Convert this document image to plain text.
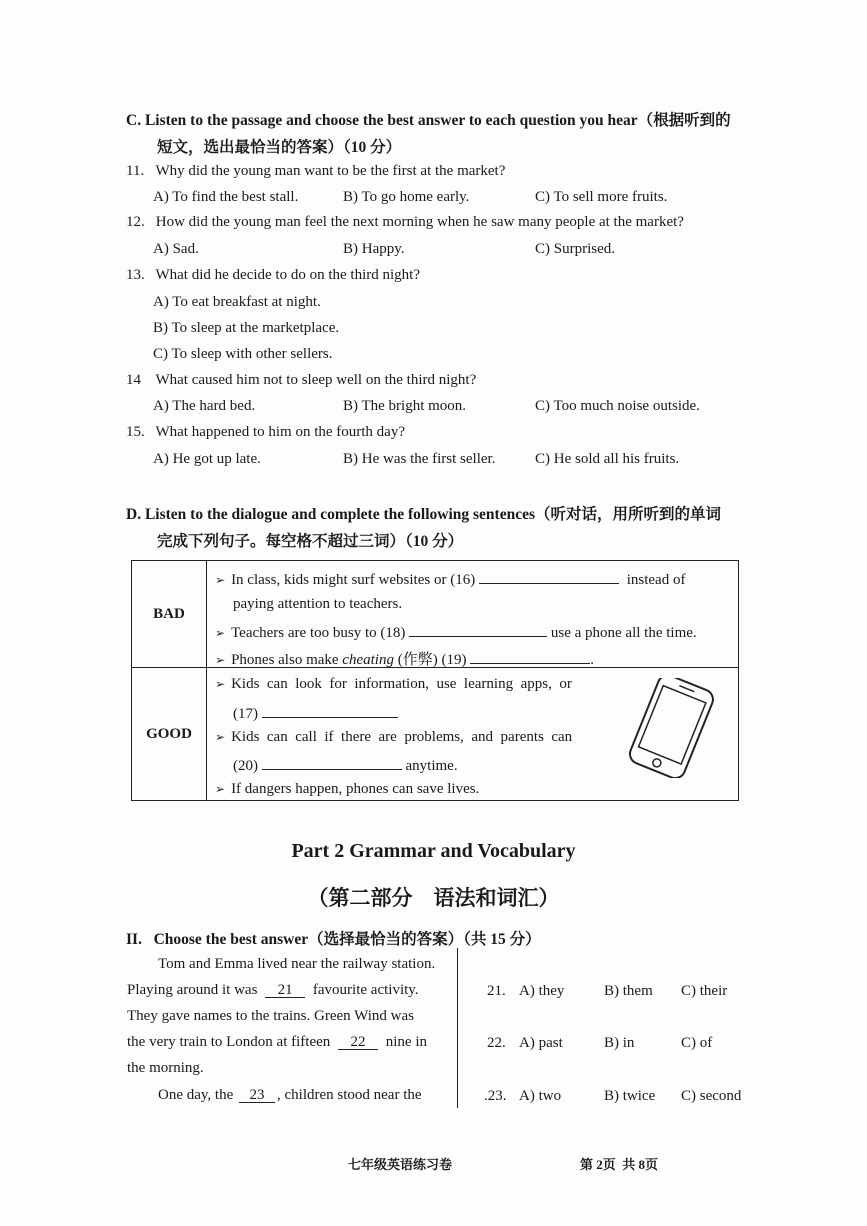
C. Listen to the passage and choose the best answer to each question you hear（根据听到的
短文，选出最恰当的答案）（10 分）
11. Why did the young man want to be the first at the market?
A) To find the best stall.	B) To go home early.	C) To sell more fruits.
12. How did the young man feel the next morning when he saw many people at the market?
A) Sad.	B) Happy.	C) Surprised.
13. What did he decide to do on the third night?
A) To eat breakfast at night.
B) To sleep at the marketplace.
C) To sleep with other sellers.
14 What caused him not to sleep well on the third night?
A) The hard bed.	B) The bright moon.	C) Too much noise outside.
15. What happened to him on the fourth day?
A) He got up late.	B) He was the first seller.	C) He sold all his fruits.
D. Listen to the dialogue and complete the following sentences（听对话，用所听到的单词
完成下列句子。每空格不超过三词）（10 分）
BAD	➢ In class, kids might surf websites or (16) instead of
paying attention to teachers.
➢ Teachers are too busy to (18) use a phone all the time.
➢ Phones also make cheating (作弊) (19) .

GOOD	➢ Kids  can  look  for  information,  use  learning  apps,  or
(17)
➢ Kids  can  call  if  there  are  problems,  and  parents  can
(20) anytime.
➢ If dangers happen, phones can save lives.
Part 2 Grammar and Vocabulary
（第二部分    语法和词汇）
II.   Choose the best answer（选择最恰当的答案）（共 15 分）
Tom and Emma lived near the railway station.
Playing around it was 21 favourite activity.
They gave names to the trains. Green Wind was
the very train to London at fifteen 22 nine in
the morning.
One day, the 23 , children stood near the
21. A) they	B) them C) their
22. A) past	B) in	C) of
.23. A) two	B) twice C) second
七年级英语练习卷	第 2页  共 8页
